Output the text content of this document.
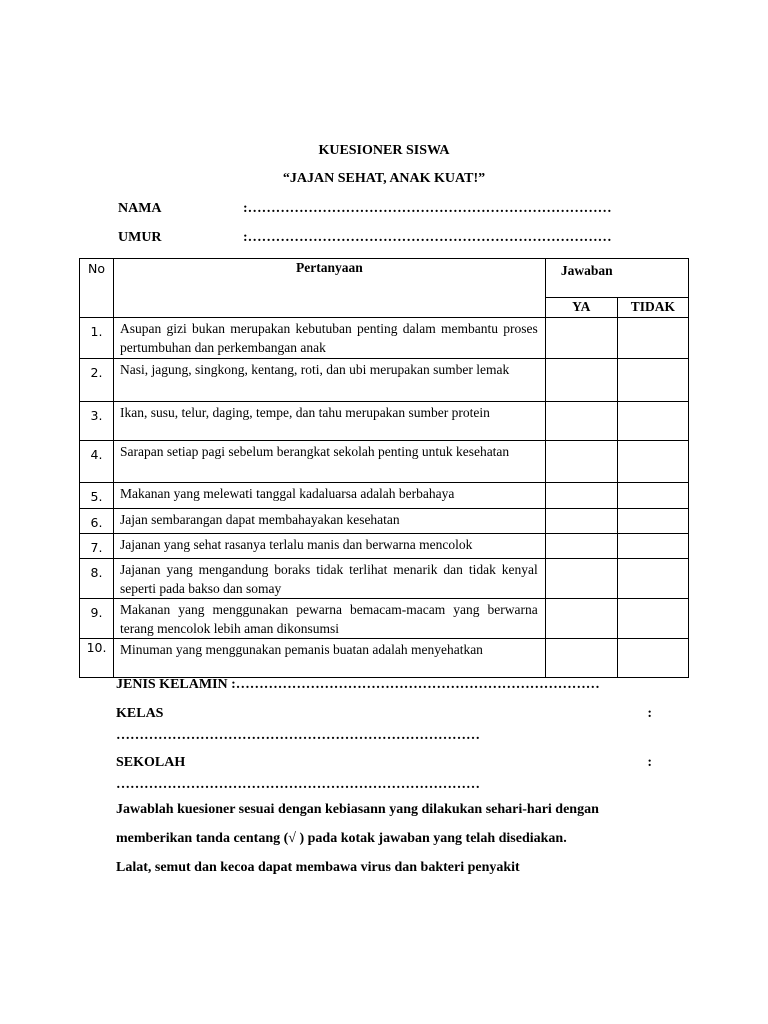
KUESIONER SISWA
“JAJAN SEHAT, ANAK KUAT!”
NAMA	:……………………………………………………………………
UMUR	:……………………………………………………………………
No	Pertanyaan	Jawaban	

		YA	TIDAK
1.	Asupan gizi bukan merupakan kebutuban penting dalam membantu proses pertumbuhan dan perkembangan anak		
2.	Nasi, jagung, singkong, kentang, roti, dan ubi merupakan sumber lemak		
3.	Ikan, susu, telur, daging, tempe, dan tahu merupakan sumber protein		
4.	Sarapan setiap pagi sebelum berangkat sekolah penting untuk kesehatan		
5.	Makanan yang melewati tanggal kadaluarsa adalah berbahaya		
6.	Jajan sembarangan dapat membahayakan kesehatan		
7.	Jajanan yang sehat rasanya terlalu manis dan berwarna mencolok		
8.	Jajanan yang mengandung boraks tidak terlihat menarik dan tidak kenyal seperti pada bakso dan somay		
9.	Makanan yang menggunakan pewarna bemacam-macam yang berwarna terang mencolok lebih aman dikonsumsi		
10.	Minuman yang menggunakan pemanis buatan adalah menyehatkan		
JENIS KELAMIN :……………………………………………………………………
KELAS	:
……………………………………………………………………
SEKOLAH	:
……………………………………………………………………
Jawablah kuesioner sesuai dengan kebiasann yang dilakukan sehari-hari dengan
memberikan tanda centang (√ ) pada kotak jawaban yang telah disediakan.
Lalat, semut dan kecoa dapat membawa virus dan bakteri penyakit
